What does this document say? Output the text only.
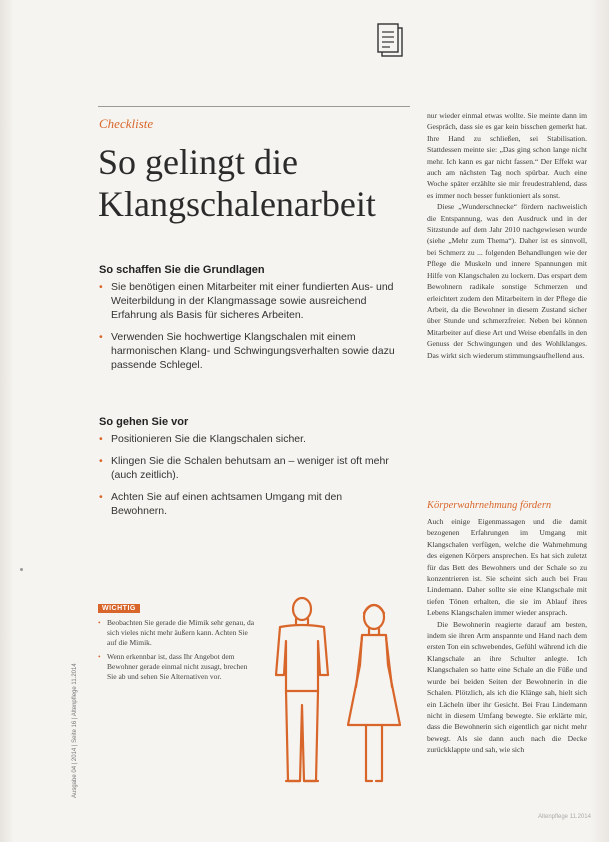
Checkliste
So gelingt die Klangschalenarbeit
So schaffen Sie die Grundlagen
• Sie benötigen einen Mitarbeiter mit einer fundierten Aus- und Weiterbildung in der Klangmassage sowie ausreichend Erfahrung als Basis für sicheres Arbeiten.
• Verwenden Sie hochwertige Klangschalen mit einem harmonischen Klang- und Schwingungsverhalten sowie dazu passende Schlegel.
So gehen Sie vor
• Positionieren Sie die Klangschalen sicher.
• Klingen Sie die Schalen behutsam an – weniger ist oft mehr (auch zeitlich).
• Achten Sie auf einen achtsamen Umgang mit den Bewohnern.
Ausgabe 04 | 2014 | Seite 16 | Altenpflege 11.2014
WICHTIG
• Beobachten Sie gerade die Mimik sehr genau, da sich vieles nicht mehr äußern kann. Achten Sie auf die Mimik.
• Wenn erkennbar ist, dass Ihr Angebot dem Bewohner gerade einmal nicht zusagt, brechen Sie ab und sehen Sie Alternativen vor.

nur wieder einmal etwas wollte. Sie meinte dann im Gespräch, dass sie es gar kein bisschen gemerkt hat. Ihre Hand zu schließen, sei Stabilisation. Stattdessen meinte sie: „Das ging schon lange nicht mehr. Ich kann es gar nicht fassen.“ Der Effekt war auch am nächsten Tag noch spürbar. Auch eine Woche später erzählte sie mir freudestrahlend, dass es immer noch besser funktioniert als sonst.

Diese „Wunderschnecke“ fördern nachweislich die Entspannung, was den Ausdruck und in der Sitzstunde auf dem Jahr 2010 nachgewiesen wurde (siehe „Mehr zum Thema“). Daher ist es sinnvoll, bei Schmerz zu ... folgenden Behandlungen wie der Pflege die Muskeln und innere Spannungen mit Hilfe von Klangschalen zu lockern. Das erspart dem Bewohnern radikale sonstige Schmerzen und erleichtert zudem den Mitarbeitern in der Pflege die Arbeit, da die Bewohner in diesem Zustand sicher über Stunde und schmerzfreier. Neben bei können Mitarbeiter auf diese Art und Weise ebenfalls in den Genuss der Schwingungen und des Wohlklanges. Das wirkt sich wiederum stimmungsaufhellend aus.

Körperwahrnehmung fördern

Auch einige Eigenmassagen und die damit bezogenen Erfahrungen im Umgang mit Klangschalen verfügen, welche die Wahrnehmung des eigenen Körpers ansprechen. Es hat sich zuletzt für das Bett des Bewohners und der Schale so zu konzentrieren ist. Sie scheint sich auch bei Frau Lindemann. Daher sollte sie eine Klangschale mit tiefen Tönen erhalten, die sie im Ablauf ihres Lebens Klangschalen immer wieder ansprach.

Die Bewohnerin reagierte darauf am besten, indem sie ihren Arm anspannte und Hand nach dem ersten Ton ein schwebendes, Gefühl während ich die Klangschale an ihre Schulter anlegte. Ich Klangschalen so hatte eine Schale an die Füße und wurde bei beiden Seiten der Bewohnerin in die Schalen. Plötzlich, als ich die Klänge sah, hielt sich ein Lächeln über ihr Gesicht. Bei Frau Lindemann nicht in diesem Umfang bewegte. Sie erklärte mir, dass die Bewohnerin sich eigentlich gar nicht mehr bewegt. Als sie dann auch nach die Decke zurückklappte und sah, wie sich

Altenpflege 11.2014
